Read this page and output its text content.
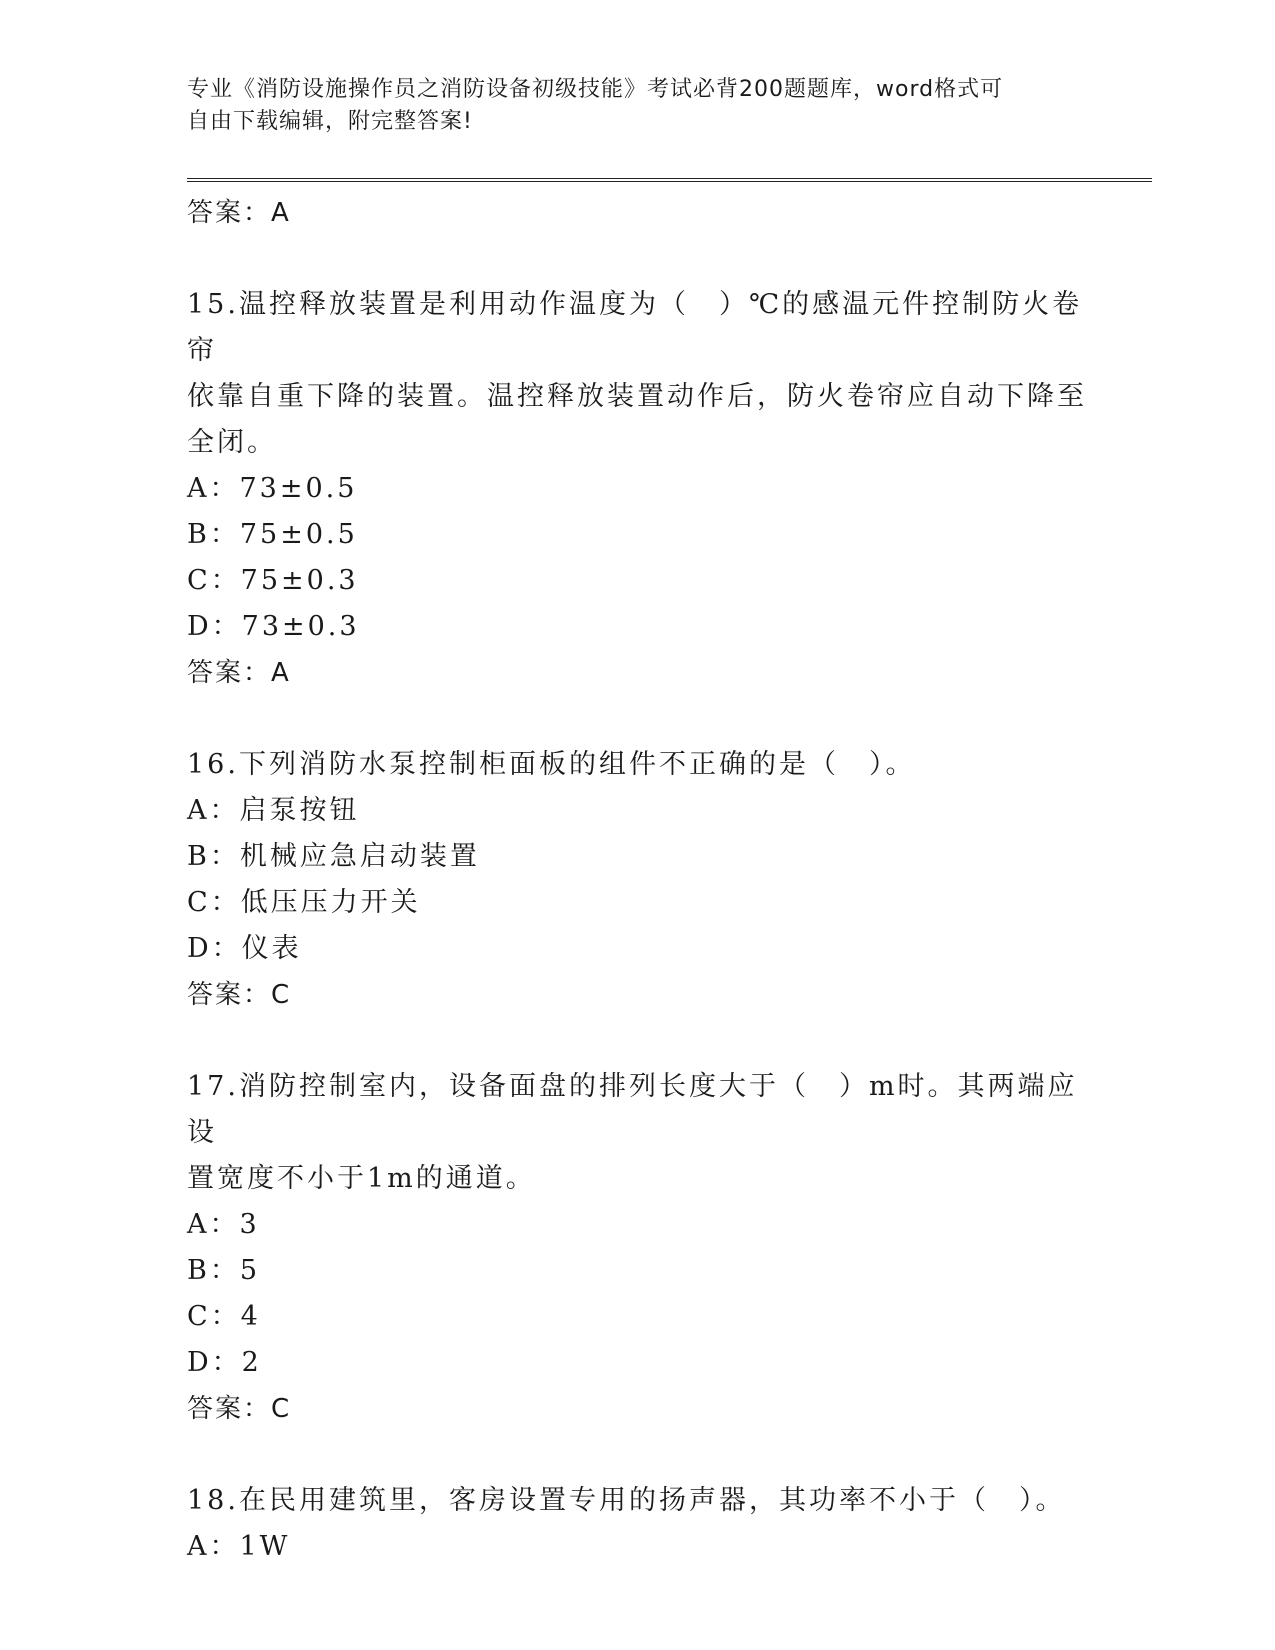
专业《消防设施操作员之消防设备初级技能》考试必背200题题库，word格式可
自由下载编辑，附完整答案!
答案：A
15.温控释放装置是利用动作温度为（　）℃的感温元件控制防火卷帘
依靠自重下降的装置。温控释放装置动作后，防火卷帘应自动下降至
全闭。
A：73±0.5
B：75±0.5
C：75±0.3
D：73±0.3
答案：A
16.下列消防水泵控制柜面板的组件不正确的是（　）。
A：启泵按钮
B：机械应急启动装置
C：低压压力开关
D：仪表
答案：C
17.消防控制室内，设备面盘的排列长度大于（　）m时。其两端应设
置宽度不小于1m的通道。
A：3
B：5
C：4
D：2
答案：C
18.在民用建筑里，客房设置专用的扬声器，其功率不小于（　）。
A：1W
